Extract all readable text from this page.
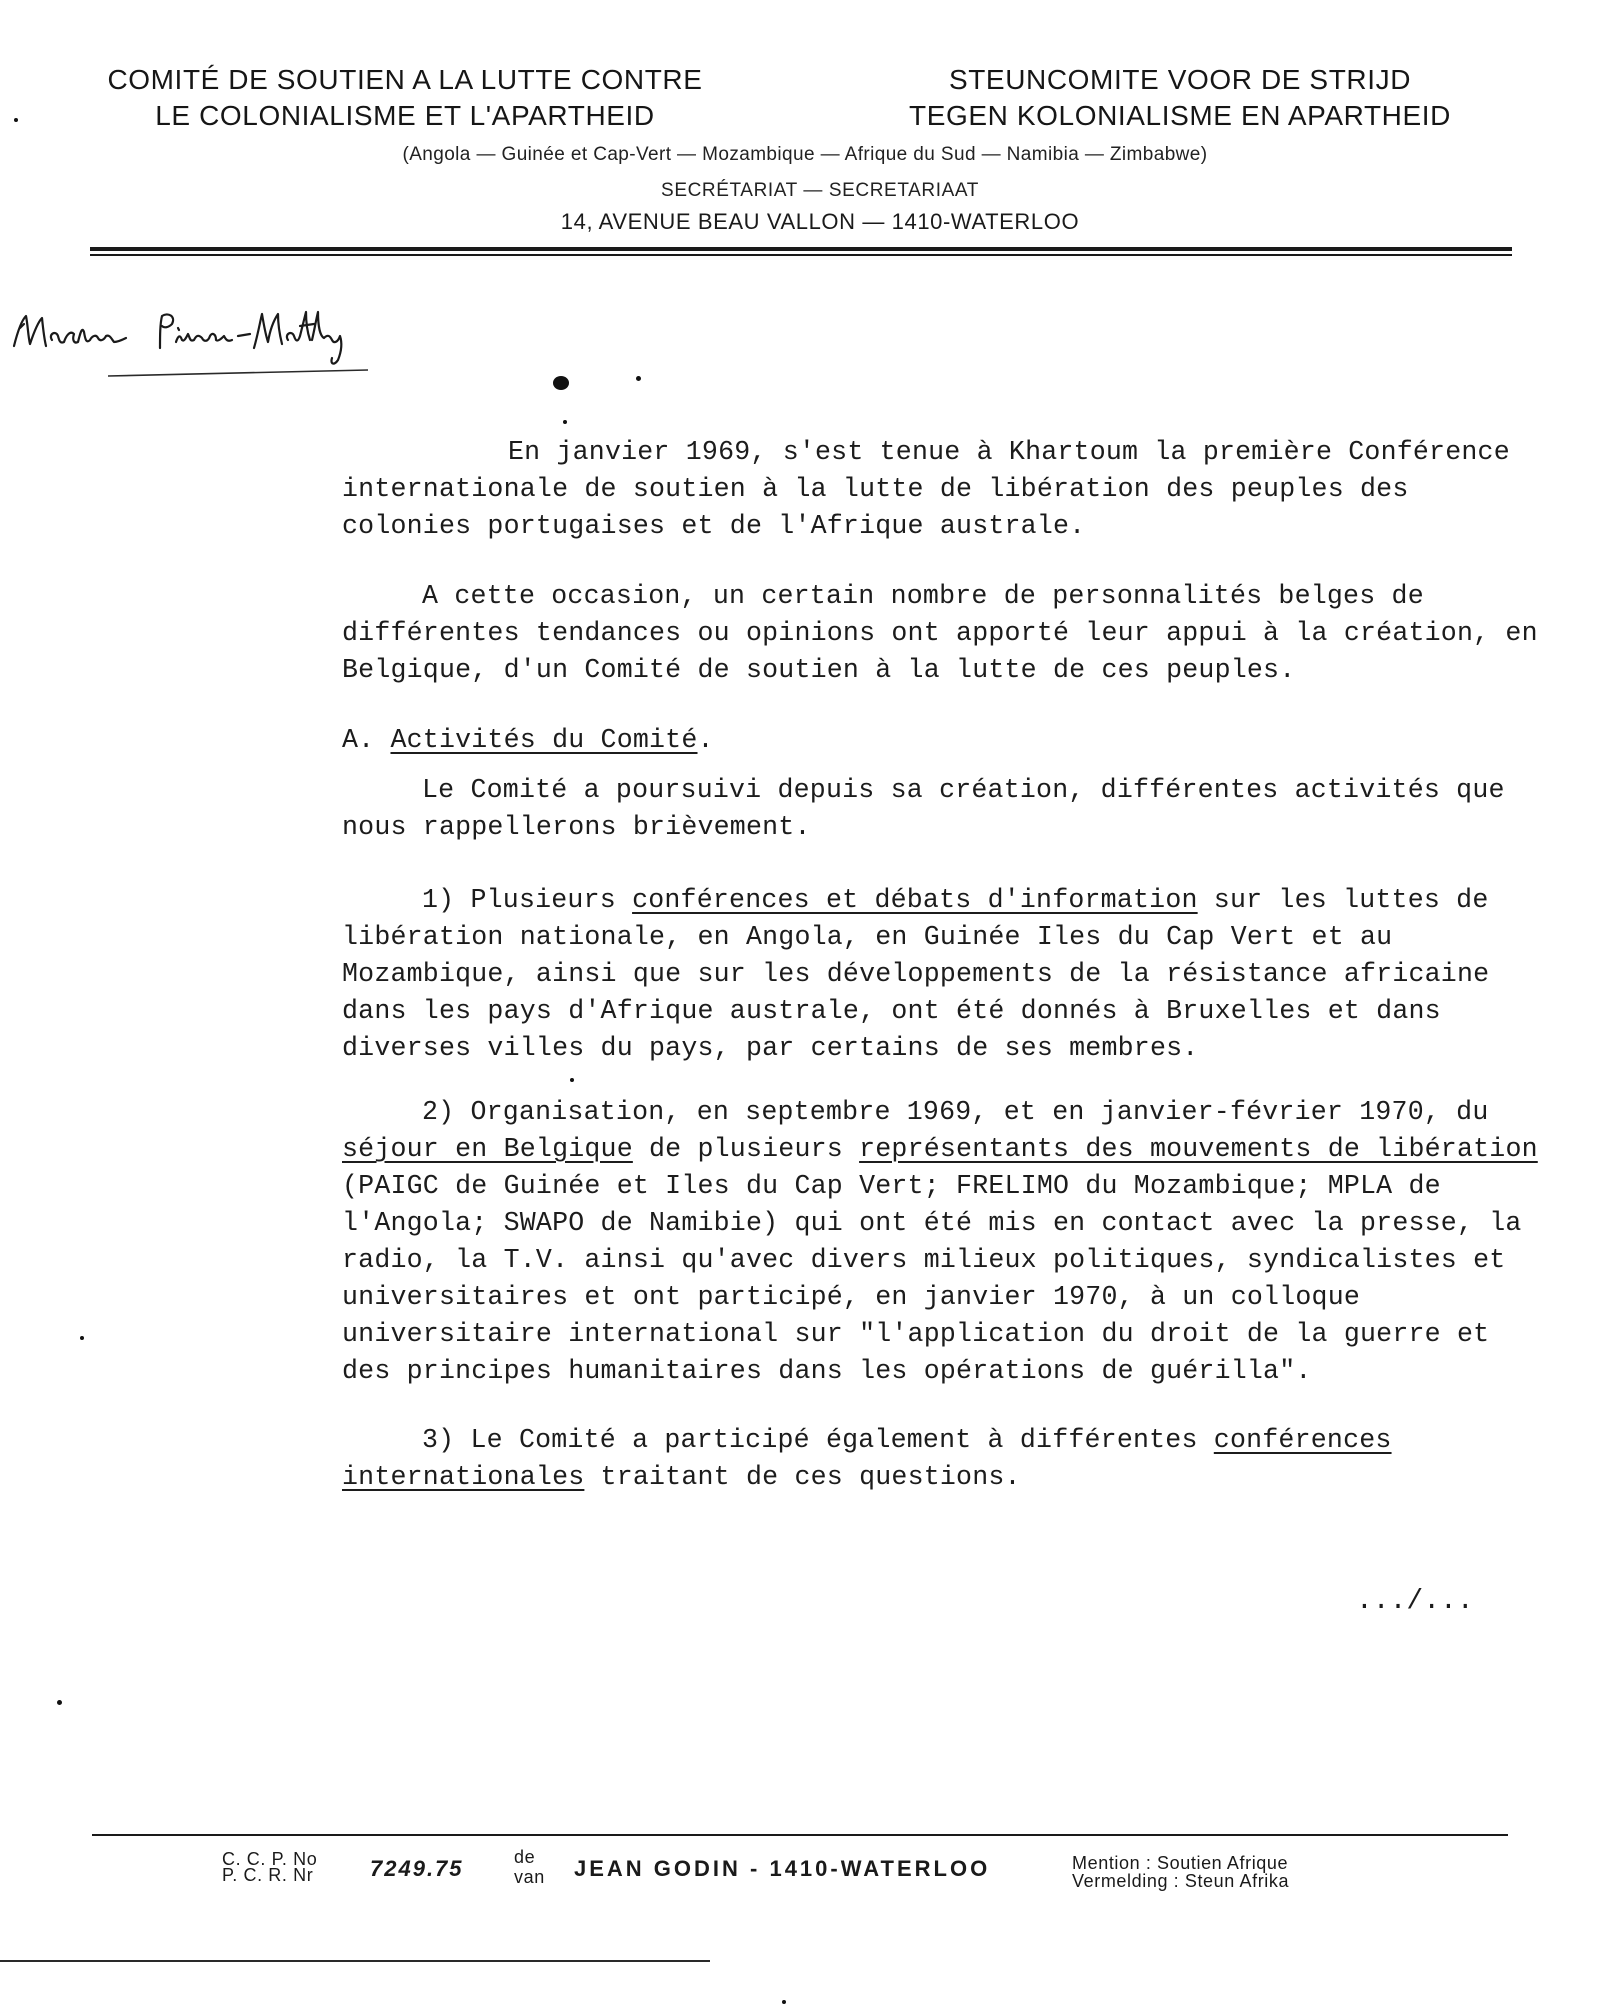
COMITÉ DE SOUTIEN A LA LUTTE CONTRE
LE COLONIALISME ET L'APARTHEID
STEUNCOMITE VOOR DE STRIJD
TEGEN KOLONIALISME EN APARTHEID
(Angola — Guinée et Cap-Vert — Mozambique — Afrique du Sud — Namibia — Zimbabwe)
SECRÉTARIAT — SECRETARIAAT
14, AVENUE BEAU VALLON — 1410-WATERLOO
En janvier 1969, s'est tenue à Khartoum la première Conférence internationale de soutien à la lutte de libération des peuples des colonies portugaises et de l'Afrique australe.
A cette occasion, un certain nombre de personnalités belges de différentes tendances ou opinions ont apporté leur appui à la création, en Belgique, d'un Comité de soutien à la lutte de ces peuples.
A. Activités du Comité.
Le Comité a poursuivi depuis sa création, différentes activités que nous rappellerons brièvement.
1) Plusieurs conférences et débats d'information sur les luttes de libération nationale, en Angola, en Guinée Iles du Cap Vert et au Mozambique, ainsi que sur les développements de la résistance africaine dans les pays d'Afrique australe, ont été donnés à Bruxelles et dans diverses villes du pays, par certains de ses membres.
2) Organisation, en septembre 1969, et en janvier-février 1970, du séjour en Belgique de plusieurs représentants des mouvements de libération (PAIGC de Guinée et Iles du Cap Vert; FRELIMO du Mozambique; MPLA de l'Angola; SWAPO de Namibie) qui ont été mis en contact avec la presse, la radio, la T.V. ainsi qu'avec divers milieux politiques, syndicalistes et universitaires et ont participé, en janvier 1970, à un colloque universitaire international sur "l'application du droit de la guerre et des principes humanitaires dans les opérations de guérilla".
3) Le Comité a participé également à différentes conférences internationales traitant de ces questions.
.../...
C. C. P. No
P. C. R. Nr	7249.75	de
van JEAN GODIN - 1410-WATERLOO	Mention : Soutien Afrique
Vermelding : Steun Afrika
